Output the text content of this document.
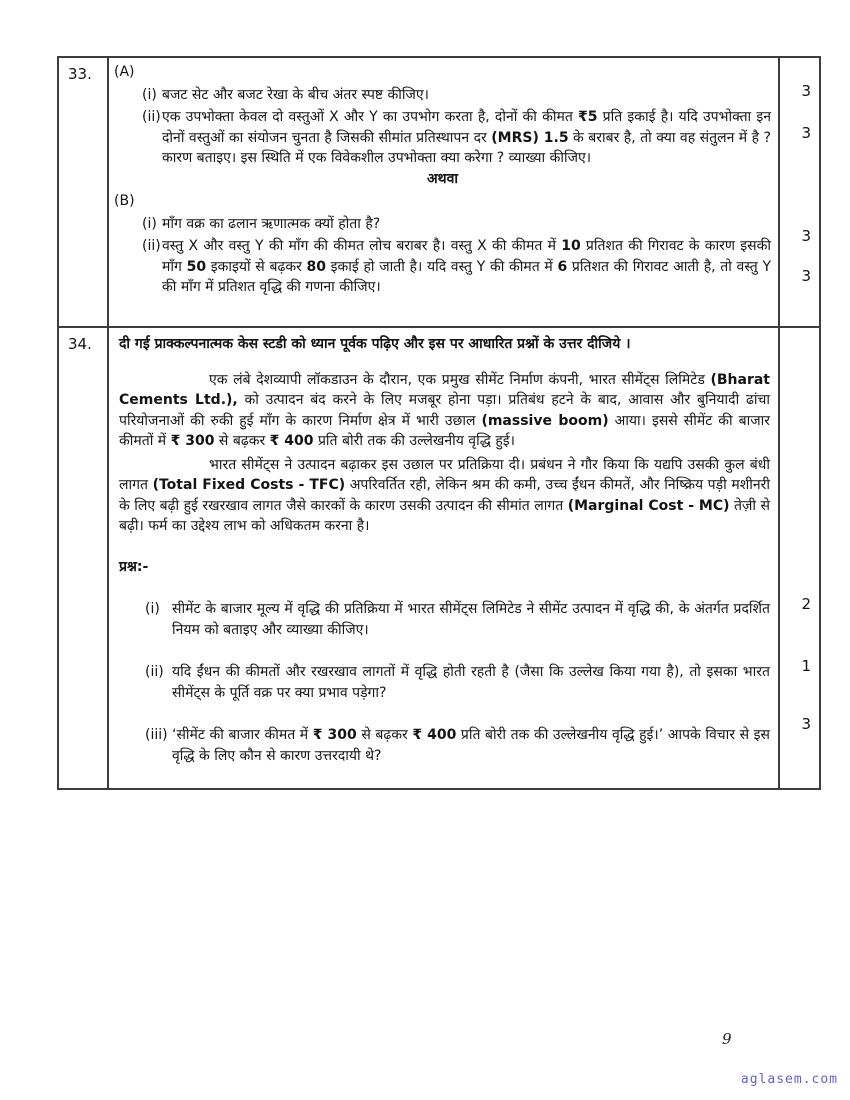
33.	(A)
(i) बजट सेट और बजट रेखा के बीच अंतर स्पष्ट कीजिए।
(ii)एक उपभोक्ता केवल दो वस्तुओं X और Y का उपभोग करता है, दोनों की कीमत ₹5 प्रति इकाई है। यदि उपभोक्ता इन दोनों वस्तुओं का संयोजन चुनता है जिसकी सीमांत प्रतिस्थापन दर (MRS) 1.5 के बराबर है, तो क्या वह संतुलन में है ? कारण बताइए। इस स्थिति में एक विवेकशील उपभोक्ता क्या करेगा ? व्याख्या कीजिए।
अथवा
(B)
(i) माँग वक्र का ढलान ऋणात्मक क्यों होता है?
(ii)वस्तु X और वस्तु Y की माँग की कीमत लोच बराबर है। वस्तु X की कीमत में 10 प्रतिशत की गिरावट के कारण इसकी माँग 50 इकाइयों से बढ़कर 80 इकाई हो जाती है। यदि वस्तु Y की कीमत में 6 प्रतिशत की गिरावट आती है, तो वस्तु Y की माँग में प्रतिशत वृद्धि की गणना कीजिए।
3
3
3
3
34.	दी गई प्राक्कल्पनात्मक केस स्टडी को ध्यान पूर्वक पढ़िए और इस पर आधारित प्रश्नों के उत्तर दीजिये ।
एक लंबे देशव्यापी लॉकडाउन के दौरान, एक प्रमुख सीमेंट निर्माण कंपनी, भारत सीमेंट्स लिमिटेड (Bharat Cements Ltd.), को उत्पादन बंद करने के लिए मजबूर होना पड़ा। प्रतिबंध हटने के बाद, आवास और बुनियादी ढांचा परियोजनाओं की रुकी हुई माँग के कारण निर्माण क्षेत्र में भारी उछाल (massive boom) आया। इससे सीमेंट की बाजार कीमतों में ₹ 300 से बढ़कर ₹ 400 प्रति बोरी तक की उल्लेखनीय वृद्धि हुई।
भारत सीमेंट्स ने उत्पादन बढ़ाकर इस उछाल पर प्रतिक्रिया दी। प्रबंधन ने गौर किया कि यद्यपि उसकी कुल बंधी लागत (Total Fixed Costs - TFC) अपरिवर्तित रही, लेकिन श्रम की कमी, उच्च ईंधन कीमतें, और निष्क्रिय पड़ी मशीनरी के लिए बढ़ी हुई रखरखाव लागत जैसे कारकों के कारण उसकी उत्पादन की सीमांत लागत (Marginal Cost - MC) तेज़ी से बढ़ी। फर्म का उद्देश्य लाभ को अधिकतम करना है।
प्रश्न:-
(i) सीमेंट के बाजार मूल्य में वृद्धि की प्रतिक्रिया में भारत सीमेंट्स लिमिटेड ने सीमेंट उत्पादन में वृद्धि की, के अंतर्गत प्रदर्शित नियम को बताइए और व्याख्या कीजिए।
(ii) यदि ईंधन की कीमतों और रखरखाव लागतों में वृद्धि होती रहती है (जैसा कि उल्लेख किया गया है), तो इसका भारत सीमेंट्स के पूर्ति वक्र पर क्या प्रभाव पड़ेगा?
(iii) ‘सीमेंट की बाजार कीमत में ₹ 300 से बढ़कर ₹ 400 प्रति बोरी तक की उल्लेखनीय वृद्धि हुई।’ आपके विचार से इस वृद्धि के लिए कौन से कारण उत्तरदायी थे?
2
1
3
9
aglasem.com
